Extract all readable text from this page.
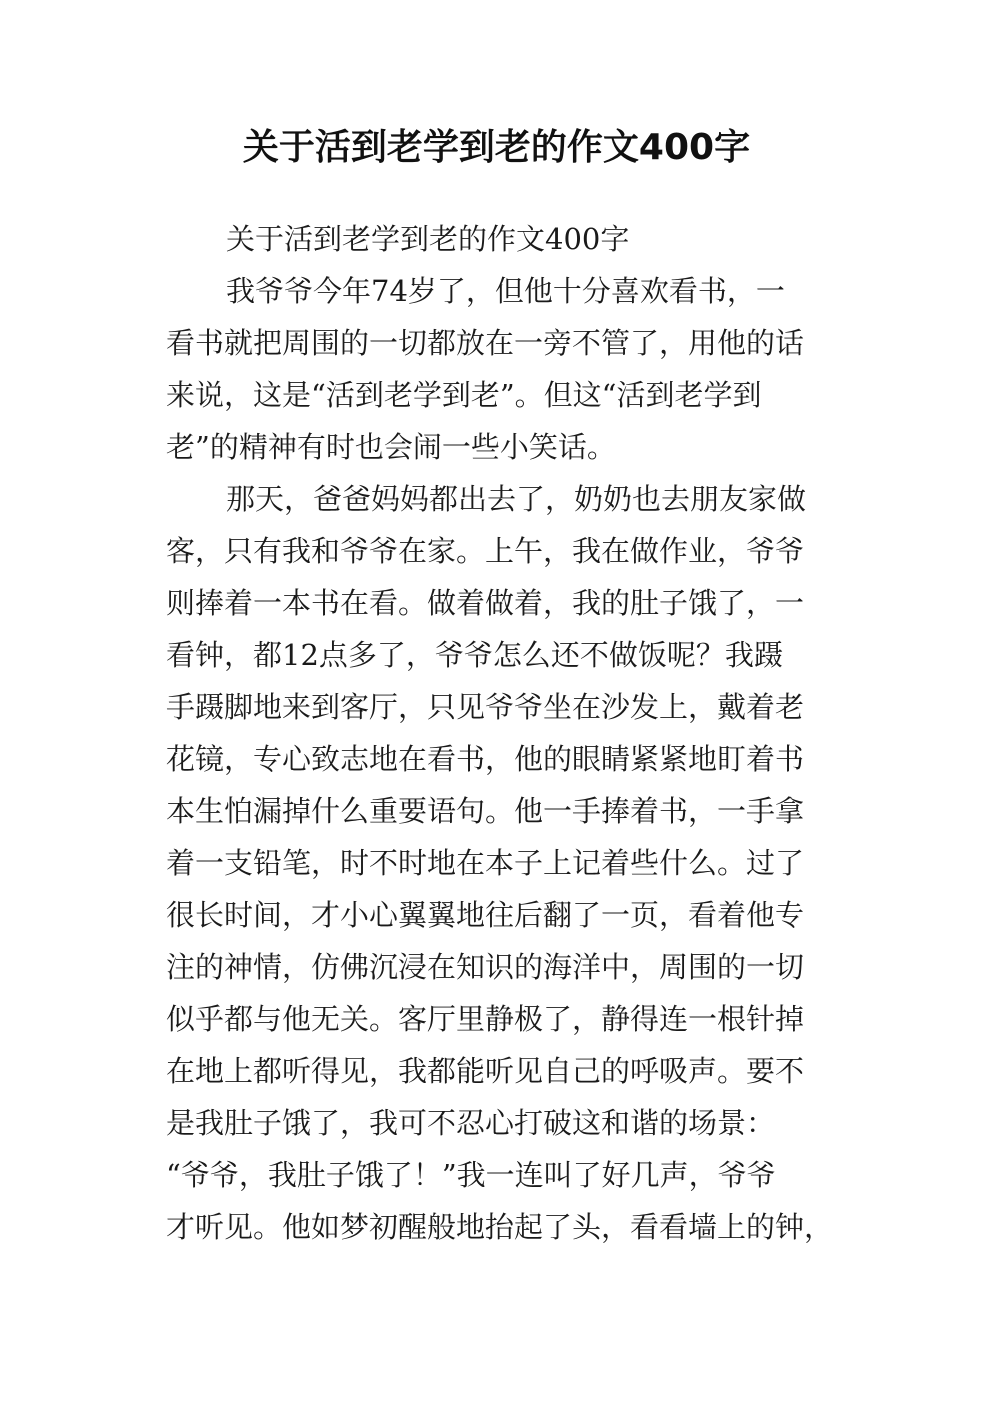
关于活到老学到老的作文400字
关于活到老学到老的作文400字
我爷爷今年74岁了，但他十分喜欢看书，一
看书就把周围的一切都放在一旁不管了，用他的话
来说，这是“活到老学到老”。但这“活到老学到
老”的精神有时也会闹一些小笑话。
那天，爸爸妈妈都出去了，奶奶也去朋友家做
客，只有我和爷爷在家。上午，我在做作业，爷爷
则捧着一本书在看。做着做着，我的肚子饿了，一
看钟，都12点多了，爷爷怎么还不做饭呢？我蹑
手蹑脚地来到客厅，只见爷爷坐在沙发上，戴着老
花镜，专心致志地在看书，他的眼睛紧紧地盯着书
本生怕漏掉什么重要语句。他一手捧着书，一手拿
着一支铅笔，时不时地在本子上记着些什么。过了
很长时间，才小心翼翼地往后翻了一页，看着他专
注的神情，仿佛沉浸在知识的海洋中，周围的一切
似乎都与他无关。客厅里静极了，静得连一根针掉
在地上都听得见，我都能听见自己的呼吸声。要不
是我肚子饿了，我可不忍心打破这和谐的场景：
“爷爷，我肚子饿了！”我一连叫了好几声，爷爷
才听见。他如梦初醒般地抬起了头，看看墙上的钟，
